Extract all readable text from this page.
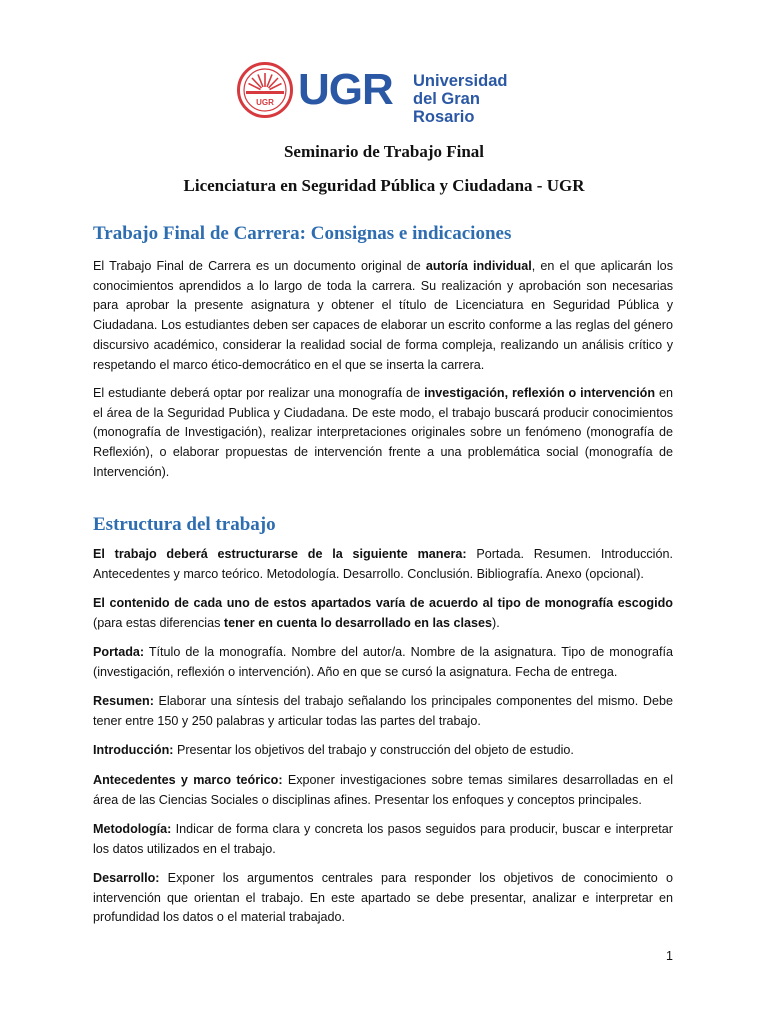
UGR UGR Universidad
del Gran Rosario
Seminario de Trabajo Final
Licenciatura en Seguridad Pública y Ciudadana - UGR
Trabajo Final de Carrera: Consignas e indicaciones
El Trabajo Final de Carrera es un documento original de autoría individual, en el que aplicarán los conocimientos aprendidos a lo largo de toda la carrera. Su realización y aprobación son necesarias para aprobar la presente asignatura y obtener el título de Licenciatura en Seguridad Pública y Ciudadana. Los estudiantes deben ser capaces de elaborar un escrito conforme a las reglas del género discursivo académico, considerar la realidad social de forma compleja, realizando un análisis crítico y respetando el marco ético-democrático en el que se inserta la carrera.
El estudiante deberá optar por realizar una monografía de investigación, reflexión o intervención en el área de la Seguridad Publica y Ciudadana. De este modo, el trabajo buscará producir conocimientos (monografía de Investigación), realizar interpretaciones originales sobre un fenómeno (monografía de Reflexión), o elaborar propuestas de intervención frente a una problemática social (monografía de Intervención).
Estructura del trabajo
El trabajo deberá estructurarse de la siguiente manera: Portada. Resumen. Introducción. Antecedentes y marco teórico. Metodología. Desarrollo. Conclusión. Bibliografía. Anexo (opcional).
El contenido de cada uno de estos apartados varía de acuerdo al tipo de monografía escogido (para estas diferencias tener en cuenta lo desarrollado en las clases).
Portada: Título de la monografía. Nombre del autor/a. Nombre de la asignatura. Tipo de monografía (investigación, reflexión o intervención). Año en que se cursó la asignatura. Fecha de entrega.
Resumen: Elaborar una síntesis del trabajo señalando los principales componentes del mismo. Debe tener entre 150 y 250 palabras y articular todas las partes del trabajo.
Introducción: Presentar los objetivos del trabajo y construcción del objeto de estudio.
Antecedentes y marco teórico: Exponer investigaciones sobre temas similares desarrolladas en el área de las Ciencias Sociales o disciplinas afines. Presentar los enfoques y conceptos principales.
Metodología: Indicar de forma clara y concreta los pasos seguidos para producir, buscar e interpretar los datos utilizados en el trabajo.
Desarrollo: Exponer los argumentos centrales para responder los objetivos de conocimiento o intervención que orientan el trabajo. En este apartado se debe presentar, analizar e interpretar en profundidad los datos o el material trabajado.
1
